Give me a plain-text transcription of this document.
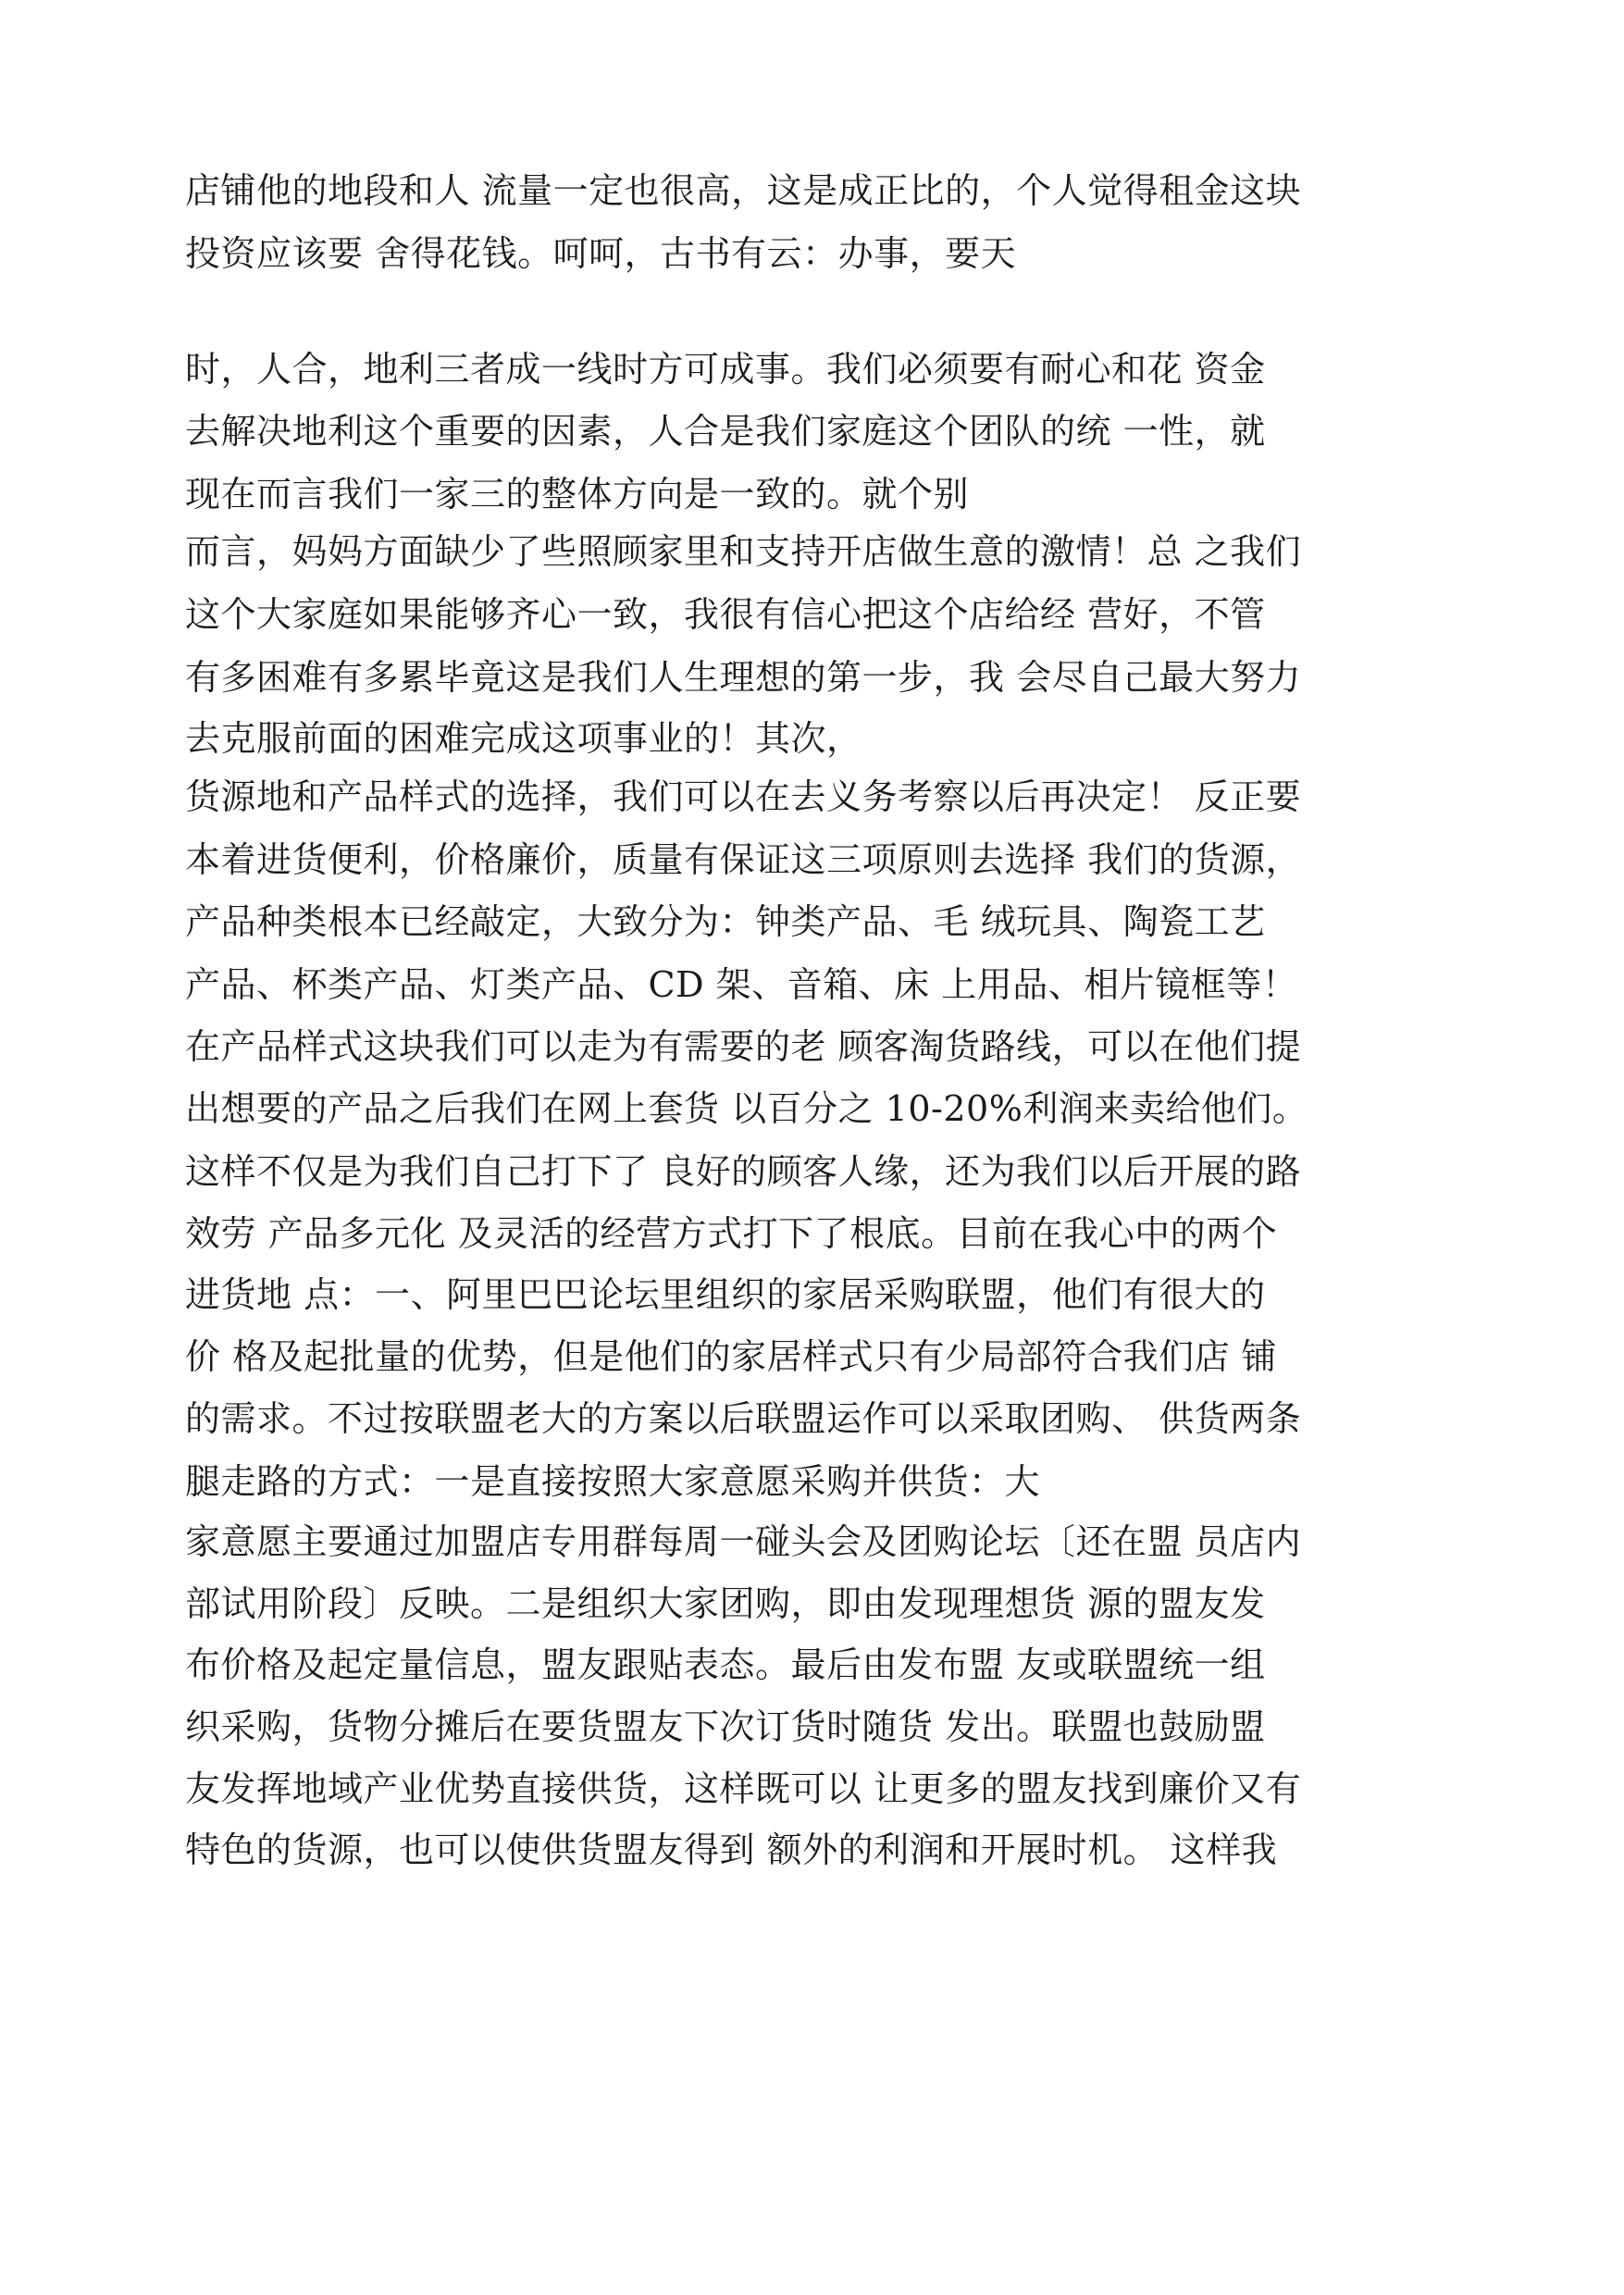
店铺他的地段和人 流量一定也很高，这是成正比的，个人觉得租金这块
投资应该要 舍得花钱。呵呵，古书有云：办事，要天
时，人合，地利三者成一线时方可成事。我们必须要有耐心和花 资金
去解决地利这个重要的因素，人合是我们家庭这个团队的统 一性，就
现在而言我们一家三的整体方向是一致的。就个别
而言，妈妈方面缺少了些照顾家里和支持开店做生意的激情！总 之我们
这个大家庭如果能够齐心一致，我很有信心把这个店给经 营好，不管
有多困难有多累毕竟这是我们人生理想的第一步，我 会尽自己最大努力
去克服前面的困难完成这项事业的！其次，
货源地和产品样式的选择，我们可以在去义务考察以后再决定！ 反正要
本着进货便利，价格廉价，质量有保证这三项原则去选择 我们的货源，
产品种类根本已经敲定，大致分为：钟类产品、毛 绒玩具、陶瓷工艺
产品、杯类产品、灯类产品、CD 架、音箱、床 上用品、相片镜框等！
在产品样式这块我们可以走为有需要的老 顾客淘货路线，可以在他们提
出想要的产品之后我们在网上套货 以百分之 10-20%利润来卖给他们。
这样不仅是为我们自己打下了 良好的顾客人缘，还为我们以后开展的路
效劳 产品多元化 及灵活的经营方式打下了根底。目前在我心中的两个
进货地 点：一、阿里巴巴论坛里组织的家居采购联盟，他们有很大的
价 格及起批量的优势，但是他们的家居样式只有少局部符合我们店 铺
的需求。不过按联盟老大的方案以后联盟运作可以采取团购、 供货两条
腿走路的方式：一是直接按照大家意愿采购并供货：大
家意愿主要通过加盟店专用群每周一碰头会及团购论坛〔还在盟 员店内
部试用阶段〕反映。二是组织大家团购，即由发现理想货 源的盟友发
布价格及起定量信息，盟友跟贴表态。最后由发布盟 友或联盟统一组
织采购，货物分摊后在要货盟友下次订货时随货 发出。联盟也鼓励盟
友发挥地域产业优势直接供货，这样既可以 让更多的盟友找到廉价又有
特色的货源，也可以使供货盟友得到 额外的利润和开展时机。 这样我
